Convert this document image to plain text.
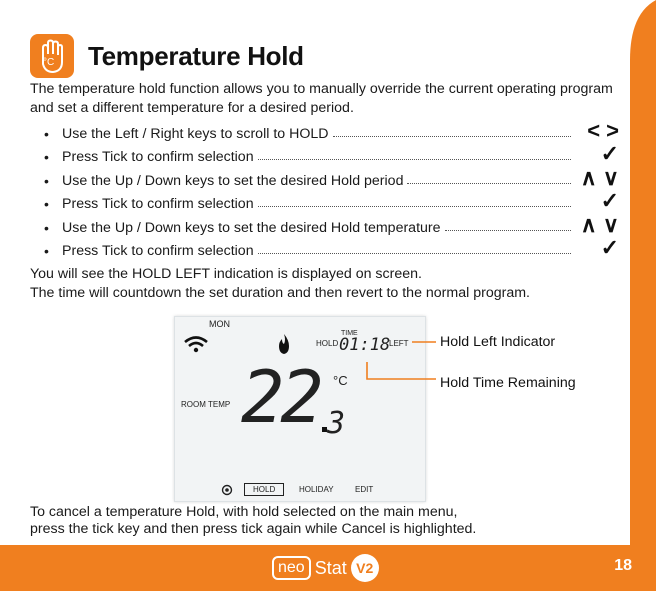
°C Temperature Hold
The temperature hold function allows you to manually override the current operating program and set a different temperature for a desired period.
• Use the Left / Right keys to scroll to HOLD	< >
• Press Tick to confirm selection	✓
• Use the Up / Down keys to set the desired Hold period	∧ ∨
• Press Tick to confirm selection	✓
• Use the Up / Down keys to set the desired Hold temperature	∧ ∨
• Press Tick to confirm selection	✓
You will see the HOLD LEFT indication is displayed on screen.
The time will countdown the set duration and then revert to the normal program.
MON
HOLD
TIME
01:18
LEFT
°C
ROOM TEMP 22 3
HOLD	HOLIDAY	EDIT
Hold Left Indicator
Hold Time Remaining
To cancel a temperature Hold, with hold selected on the main menu,
press the tick key and then press tick again while Cancel is highlighted.
neo Stat V2	18
